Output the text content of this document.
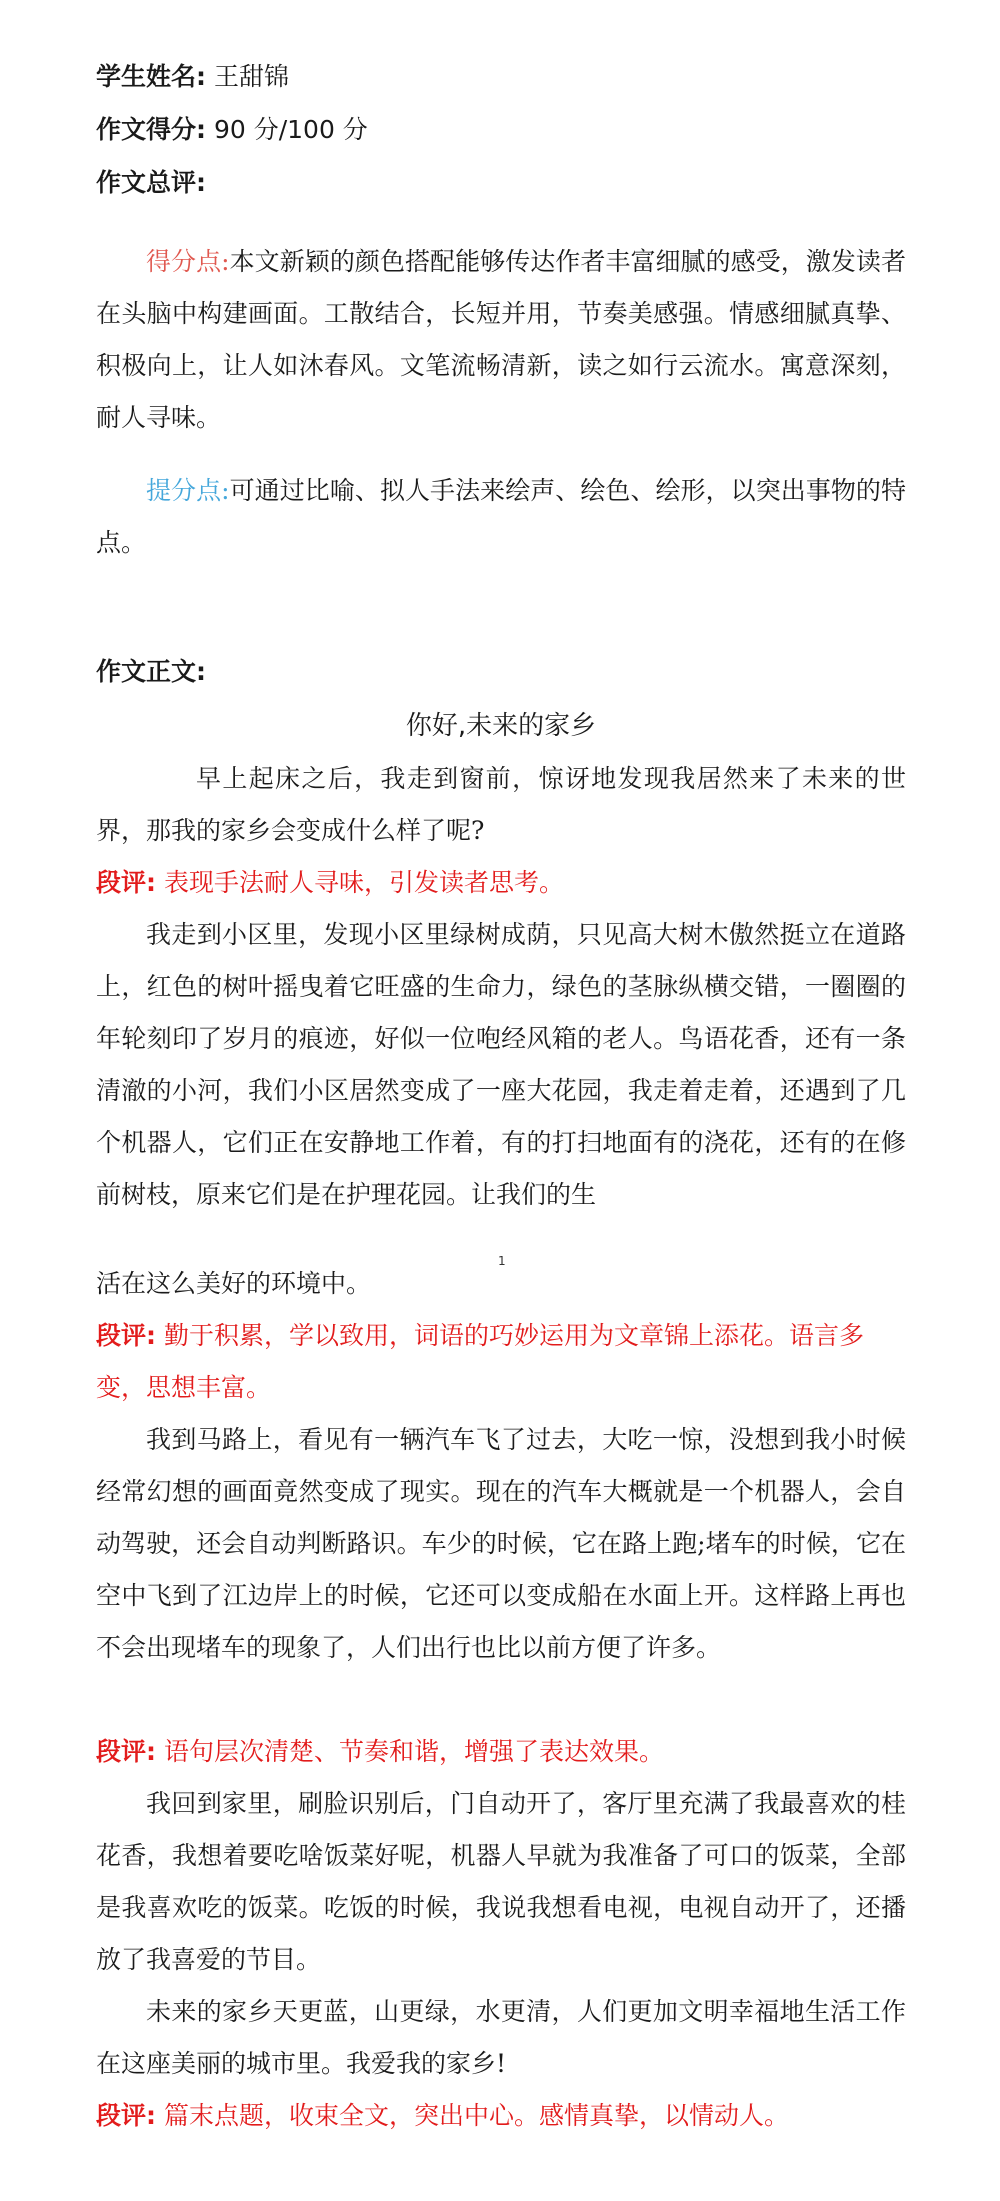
学生姓名: 王甜锦
作文得分: 90 分/100 分
作文总评:
得分点:本文新颖的颜色搭配能够传达作者丰富细腻的感受，激发读者在头脑中构建画面。工散结合，长短并用，节奏美感强。情感细腻真挚、积极向上，让人如沐春风。文笔流畅清新，读之如行云流水。寓意深刻，耐人寻味。
提分点:可通过比喻、拟人手法来绘声、绘色、绘形，以突出事物的特点。
作文正文:
你好,未来的家乡
早上起床之后，我走到窗前，惊讶地发现我居然来了未来的世界，那我的家乡会变成什么样了呢?
段评: 表现手法耐人寻味，引发读者思考。
我走到小区里，发现小区里绿树成荫，只见高大树木傲然挺立在道路上，红色的树叶摇曳着它旺盛的生命力，绿色的茎脉纵横交错，一圈圈的年轮刻印了岁月的痕迹，好似一位咆经风箱的老人。鸟语花香，还有一条清澈的小河，我们小区居然变成了一座大花园，我走着走着，还遇到了几个机器人，它们正在安静地工作着，有的打扫地面有的浇花，还有的在修前树枝，原来它们是在护理花园。让我们的生
1
活在这么美好的环境中。
段评: 勤于积累，学以致用，词语的巧妙运用为文章锦上添花。语言多变，思想丰富。
我到马路上，看见有一辆汽车飞了过去，大吃一惊，没想到我小时候经常幻想的画面竟然变成了现实。现在的汽车大概就是一个机器人，会自动驾驶，还会自动判断路识。车少的时候，它在路上跑;堵车的时候，它在空中飞到了江边岸上的时候，它还可以变成船在水面上开。这样路上再也不会出现堵车的现象了，人们出行也比以前方便了许多。
段评: 语句层次清楚、节奏和谐，增强了表达效果。
我回到家里，刷脸识别后，门自动开了，客厅里充满了我最喜欢的桂花香，我想着要吃啥饭菜好呢，机器人早就为我准备了可口的饭菜，全部是我喜欢吃的饭菜。吃饭的时候，我说我想看电视，电视自动开了，还播放了我喜爱的节目。
未来的家乡天更蓝，山更绿，水更清，人们更加文明幸福地生活工作在这座美丽的城市里。我爱我的家乡!
段评: 篇末点题，收束全文，突出中心。感情真挚，以情动人。
